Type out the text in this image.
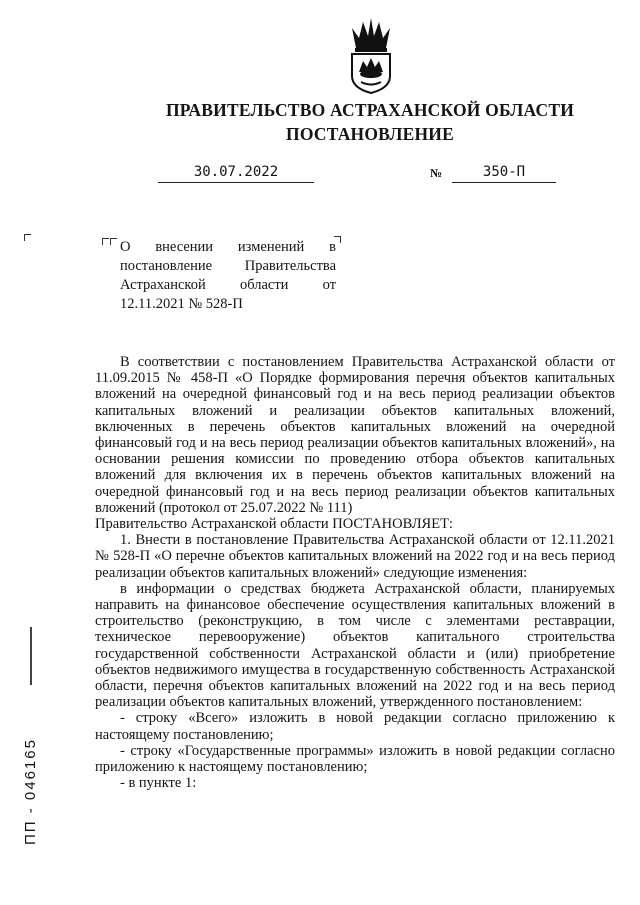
ПРАВИТЕЛЬСТВО АСТРАХАНСКОЙ ОБЛАСТИ
ПОСТАНОВЛЕНИЕ
30.07.2022	№	350-П
О внесении изменений в постановление Правительства Астраханской области от 12.11.2021 № 528-П

В соответствии с постановлением Правительства Астраханской области от 11.09.2015 № 458-П «О Порядке формирования перечня объектов капитальных вложений на очередной финансовый год и на весь период реализации объектов капитальных вложений и реализации объектов капитальных вложений, включенных в перечень объектов капитальных вложений на очередной финансовый год и на весь период реализации объектов капитальных вложений», на основании решения комиссии по проведению отбора объектов капитальных вложений для включения их в перечень объектов капитальных вложений на очередной финансовый год и на весь период реализации объектов капитальных вложений (протокол от 25.07.2022 № 111)

Правительство Астраханской области ПОСТАНОВЛЯЕТ:

1. Внести в постановление Правительства Астраханской области от 12.11.2021 № 528-П «О перечне объектов капитальных вложений на 2022 год и на весь период реализации объектов капитальных вложений» следующие изменения:

в информации о средствах бюджета Астраханской области, планируемых направить на финансовое обеспечение осуществления капитальных вложений в строительство (реконструкцию, в том числе с элементами реставрации, техническое перевооружение) объектов капитального строительства государственной собственности Астраханской области и (или) приобретение объектов недвижимого имущества в государственную собственность Астраханской области, перечня объектов капитальных вложений на 2022 год и на весь период реализации объектов капитальных вложений, утвержденного постановлением:

- строку «Всего» изложить в новой редакции согласно приложению к настоящему постановлению;

- строку «Государственные программы» изложить в новой редакции согласно приложению к настоящему постановлению;

- в пункте 1:

ПП - 046165
